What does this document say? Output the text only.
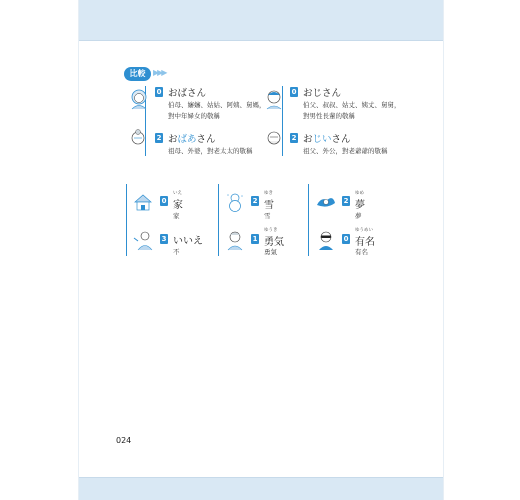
比較 ▶▶▶
0 おばさん
伯母、嬸嬸、姑姑、阿姨、舅媽，對中年婦女的敬稱
0 おじさん
伯父、叔叔、姑丈、姨丈、舅舅，對男性長輩的敬稱
2 おばあさん
祖母、外婆，對老太太的敬稱
2 おじいさん
祖父、外公，對老爺爺的敬稱
0
いえ
家
家
2
ゆき
雪
雪
2
ゆめ
夢
夢
3 いいえ
不
1
ゆうき
勇気
勇氣
0
ゆうめい
有名
有名
024
